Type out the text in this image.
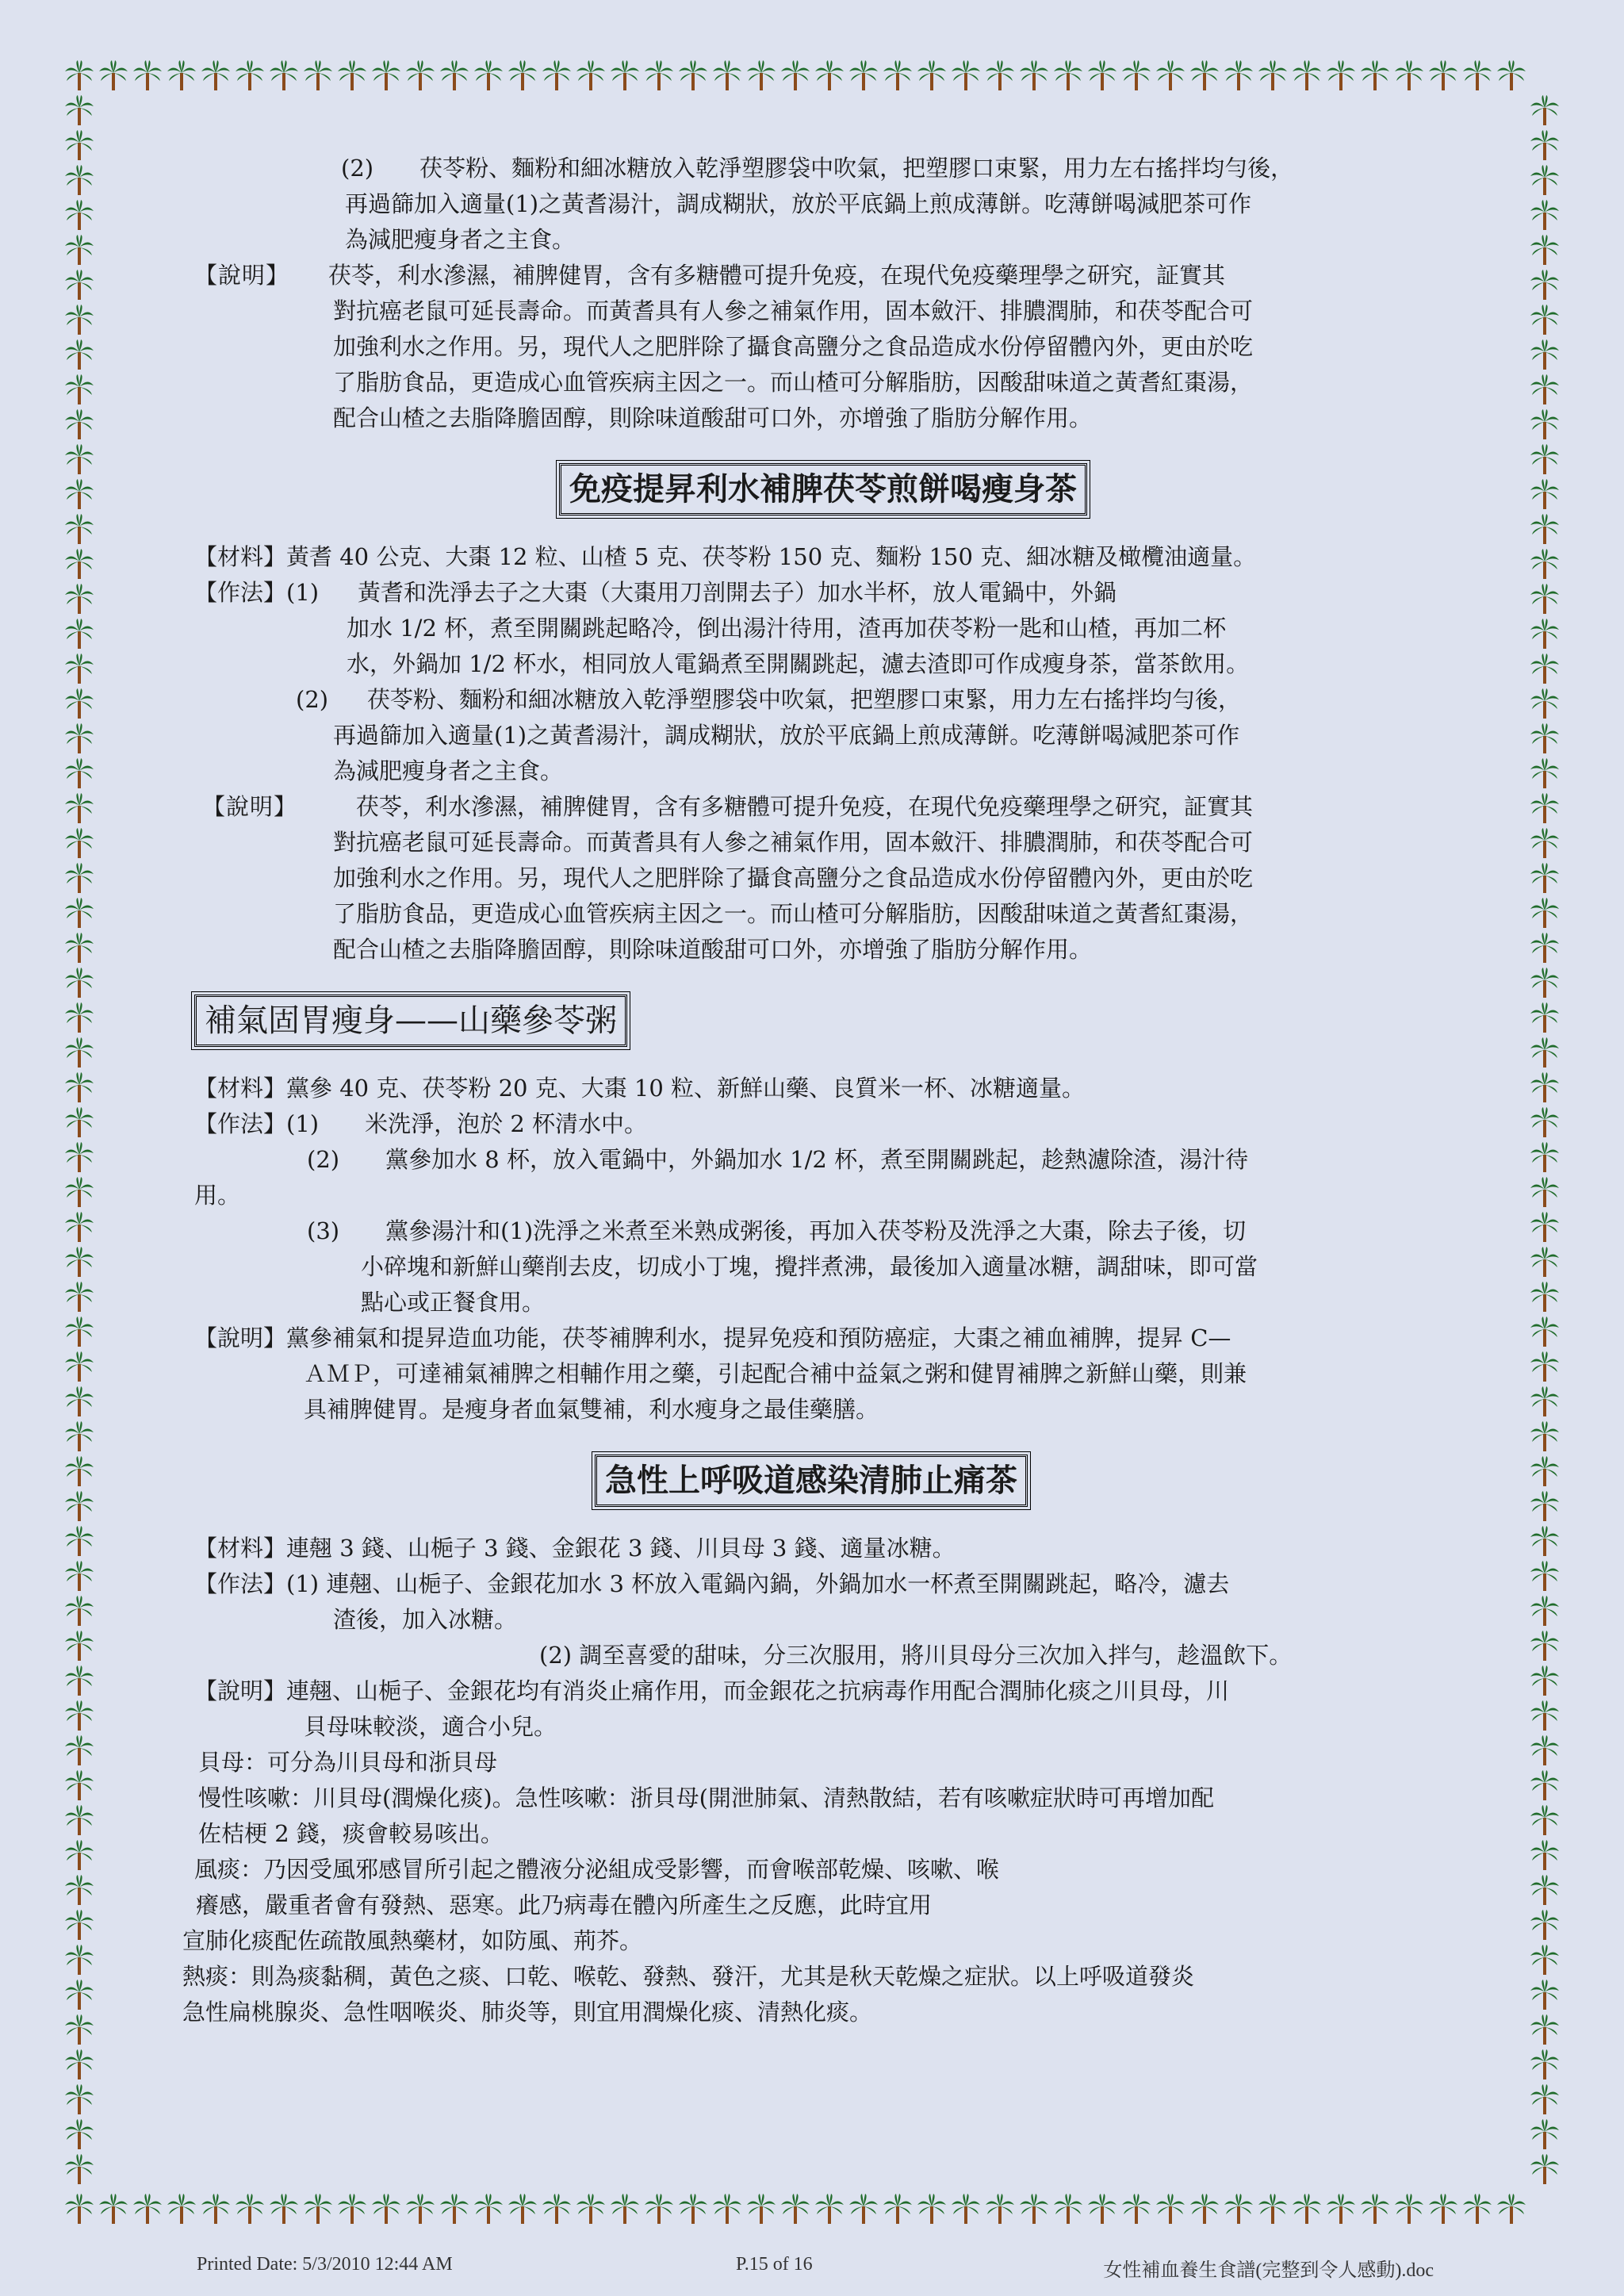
(2)　　茯苓粉、麵粉和細冰糖放入乾淨塑膠袋中吹氣，把塑膠口束緊，用力左右搖拌均勻後，
再過篩加入適量(1)之黃耆湯汁，調成糊狀，放於平底鍋上煎成薄餅。吃薄餅喝減肥茶可作
為減肥瘦身者之主食。
【說明】　茯苓，利水滲濕，補脾健胃，含有多糖體可提升免疫，在現代免疫藥理學之研究，証實其
對抗癌老鼠可延長壽命。而黃耆具有人參之補氣作用，固本斂汗、排膿潤肺，和茯苓配合可
加強利水之作用。另，現代人之肥胖除了攝食高鹽分之食品造成水份停留體內外，更由於吃
了脂肪食品，更造成心血管疾病主因之一。而山楂可分解脂肪，因酸甜味道之黃耆紅棗湯，
配合山楂之去脂降膽固醇，則除味道酸甜可口外，亦增強了脂肪分解作用。
免疫提昇利水補脾茯苓煎餅喝瘦身茶
【材料】黃耆 40 公克、大棗 12 粒、山楂 5 克、茯苓粉 150 克、麵粉 150 克、細冰糖及橄欖油適量。
【作法】(1) 黃耆和洗淨去子之大棗（大棗用刀剖開去子）加水半杯，放人電鍋中，外鍋
加水 1/2 杯，煮至開關跳起略冷，倒出湯汁待用，渣再加茯苓粉一匙和山楂，再加二杯
水，外鍋加 1/2 杯水，相同放人電鍋煮至開關跳起，濾去渣即可作成瘦身茶，當茶飲用。
(2) 茯苓粉、麵粉和細冰糖放入乾淨塑膠袋中吹氣，把塑膠口束緊，用力左右搖拌均勻後，
再過篩加入適量(1)之黃耆湯汁，調成糊狀，放於平底鍋上煎成薄餅。吃薄餅喝減肥茶可作
為減肥瘦身者之主食。
【說明】　茯苓，利水滲濕，補脾健胃，含有多糖體可提升免疫，在現代免疫藥理學之研究，証實其
對抗癌老鼠可延長壽命。而黃耆具有人參之補氣作用，固本斂汗、排膿潤肺，和茯苓配合可
加強利水之作用。另，現代人之肥胖除了攝食高鹽分之食品造成水份停留體內外，更由於吃
了脂肪食品，更造成心血管疾病主因之一。而山楂可分解脂肪，因酸甜味道之黃耆紅棗湯，
配合山楂之去脂降膽固醇，則除味道酸甜可口外，亦增強了脂肪分解作用。
補氣固胃瘦身——山藥參苓粥
【材料】黨參 40 克、茯苓粉 20 克、大棗 10 粒、新鮮山藥、良質米一杯、冰糖適量。
【作法】(1)　　米洗淨，泡於 2 杯清水中。
(2)　　黨參加水 8 杯，放入電鍋中，外鍋加水 1/2 杯，煮至開關跳起，趁熱濾除渣，湯汁待
用。
(3)　　黨參湯汁和(1)洗淨之米煮至米熟成粥後，再加入茯苓粉及洗淨之大棗，除去子後，切
小碎塊和新鮮山藥削去皮，切成小丁塊，攪拌煮沸，最後加入適量冰糖，調甜味，即可當
點心或正餐食用。
【說明】黨參補氣和提昇造血功能，茯苓補脾利水，提昇免疫和預防癌症，大棗之補血補脾，提昇 C—
ＡＭＰ，可達補氣補脾之相輔作用之藥，引起配合補中益氣之粥和健胃補脾之新鮮山藥，則兼
具補脾健胃。是瘦身者血氣雙補，利水瘦身之最佳藥膳。
急性上呼吸道感染清肺止痛茶
【材料】連翹 3 錢、山梔子 3 錢、金銀花 3 錢、川貝母 3 錢、適量冰糖。
【作法】(1) 連翹、山梔子、金銀花加水 3 杯放入電鍋內鍋，外鍋加水一杯煮至開關跳起，略冷，濾去
渣後，加入冰糖。
(2) 調至喜愛的甜味，分三次服用，將川貝母分三次加入拌勻，趁溫飲下。
【說明】連翹、山梔子、金銀花均有消炎止痛作用，而金銀花之抗病毒作用配合潤肺化痰之川貝母，川
貝母味較淡，適合小兒。
貝母：可分為川貝母和浙貝母
慢性咳嗽：川貝母(潤燥化痰)。急性咳嗽：浙貝母(開泄肺氣、清熱散結，若有咳嗽症狀時可再增加配
佐桔梗 2 錢，痰會較易咳出。
風痰：乃因受風邪感冒所引起之體液分泌組成受影響，而會喉部乾燥、咳嗽、喉
癢感，嚴重者會有發熱、惡寒。此乃病毒在體內所產生之反應，此時宜用
宣肺化痰配佐疏散風熱藥材，如防風、荊芥。
熱痰：則為痰黏稠，黃色之痰、口乾、喉乾、發熱、發汗，尤其是秋天乾燥之症狀。以上呼吸道發炎
急性扁桃腺炎、急性咽喉炎、肺炎等，則宜用潤燥化痰、清熱化痰。
Printed Date: 5/3/2010 12:44 AM	P.15 of 16	女性補血養生食譜(完整到令人感動).doc
